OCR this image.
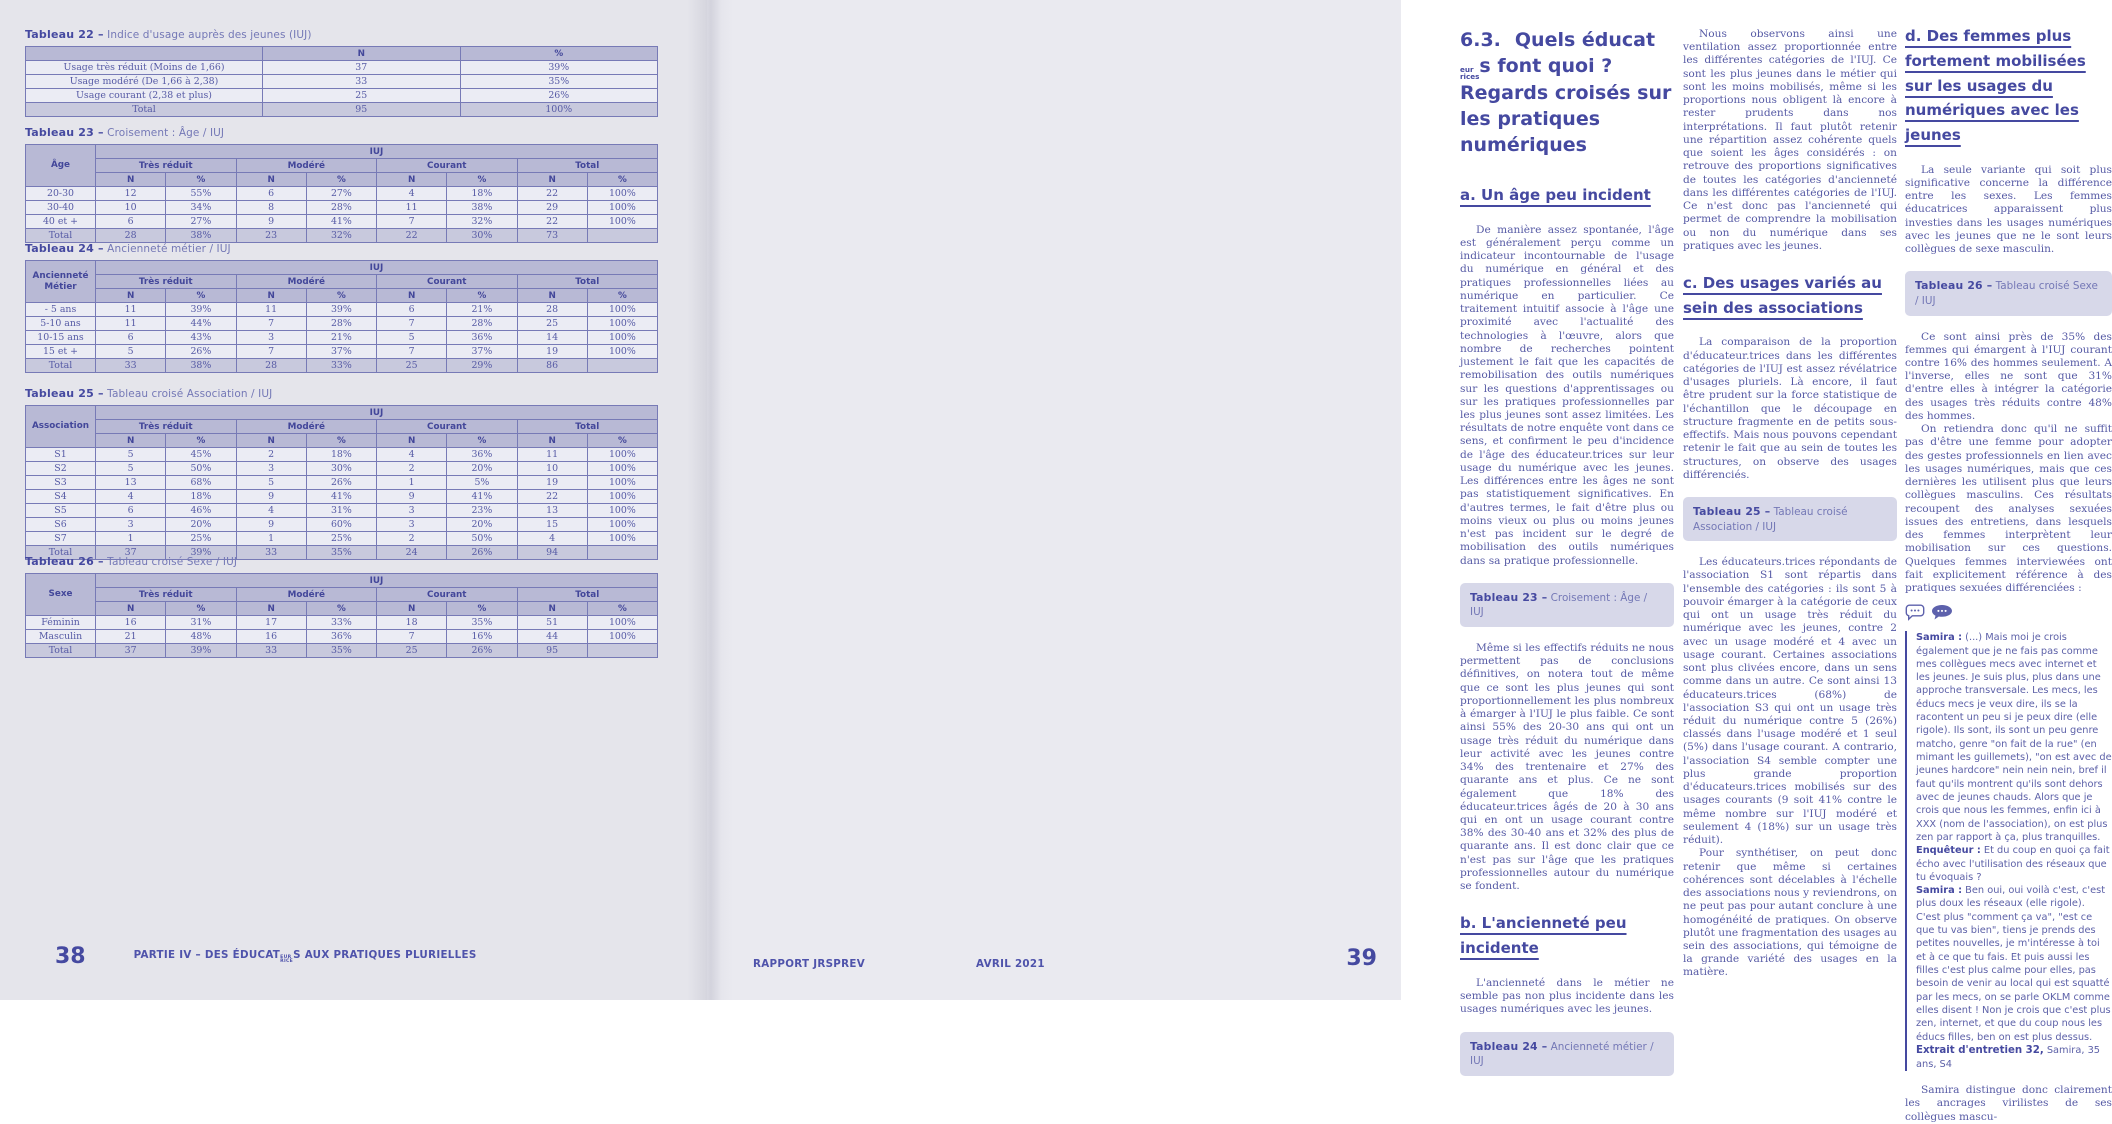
Tableau 22 – Indice d'usage auprès des jeunes (IUJ)
	N	%
Usage très réduit (Moins de 1,66)	37	39%
Usage modéré (De 1,66 à 2,38)	33	35%
Usage courant (2,38 et plus)	25	26%
Total	95	100%
Tableau 23 – Croisement : Âge / IUJ
Âge	IUJ							
	Très réduit		Modéré		Courant		Total	
	N	%	N	%	N	%	N	%
20-30	12	55%	6	27%	4	18%	22	100%
30-40	10	34%	8	28%	11	38%	29	100%
40 et +	6	27%	9	41%	7	32%	22	100%
Total	28	38%	23	32%	22	30%	73	
Tableau 24 – Ancienneté métier / IUJ
Ancienneté Métier	IUJ							
	Très réduit		Modéré		Courant		Total	
	N	%	N	%	N	%	N	%
- 5 ans	11	39%	11	39%	6	21%	28	100%
5-10 ans	11	44%	7	28%	7	28%	25	100%
10-15 ans	6	43%	3	21%	5	36%	14	100%
15 et +	5	26%	7	37%	7	37%	19	100%
Total	33	38%	28	33%	25	29%	86	
Tableau 25 – Tableau croisé Association / IUJ
Association	IUJ							
	Très réduit		Modéré		Courant		Total	
	N	%	N	%	N	%	N	%
S1	5	45%	2	18%	4	36%	11	100%
S2	5	50%	3	30%	2	20%	10	100%
S3	13	68%	5	26%	1	5%	19	100%
S4	4	18%	9	41%	9	41%	22	100%
S5	6	46%	4	31%	3	23%	13	100%
S6	3	20%	9	60%	3	20%	15	100%
S7	1	25%	1	25%	2	50%	4	100%
Total	37	39%	33	35%	24	26%	94	
Tableau 26 – Tableau croisé Sexe / IUJ
Sexe	IUJ							
	Très réduit		Modéré		Courant		Total	
	N	%	N	%	N	%	N	%
Féminin	16	31%	17	33%	18	35%	51	100%
Masculin	21	48%	16	36%	7	16%	44	100%
Total	37	39%	33	35%	25	26%	95	
38	PARTIE IV – DES ÉDUCAT EUR
RICE
S AUX PRATIQUES PLURIELLES
6.3. Quels éducat
eur
rices s font quoi ? Regards croisés sur les pratiques numériques
a. Un âge peu incident

De manière assez spontanée, l'âge est généralement perçu comme un indicateur incontournable de l'usage du numérique en général et des pratiques professionnelles liées au numérique en particulier. Ce traitement intuitif associe à l'âge une proximité avec l'actualité des technologies à l'œuvre, alors que nombre de recherches pointent justement le fait que les capacités de remobilisation des outils numériques sur les questions d'apprentissages ou sur les pratiques professionnelles par les plus jeunes sont assez limitées. Les résultats de notre enquête vont dans ce sens, et confirment le peu d'incidence de l'âge des éducateur.trices sur leur usage du numérique avec les jeunes. Les différences entre les âges ne sont pas statistiquement significatives. En d'autres termes, le fait d'être plus ou moins vieux ou plus ou moins jeunes n'est pas incident sur le degré de mobilisation des outils numériques dans sa pratique professionnelle.

Tableau 23 – Croisement : Âge / IUJ

Même si les effectifs réduits ne nous permettent pas de conclusions définitives, on notera tout de même que ce sont les plus jeunes qui sont proportionnellement les plus nombreux à émarger à l'IUJ le plus faible. Ce sont ainsi 55% des 20-30 ans qui ont un usage très réduit du numérique dans leur activité avec les jeunes contre 34% des trentenaire et 27% des quarante ans et plus. Ce ne sont également que 18% des éducateur.trices âgés de 20 à 30 ans qui en ont un usage courant contre 38% des 30-40 ans et 32% des plus de quarante ans. Il est donc clair que ce n'est pas sur l'âge que les pratiques professionnelles autour du numérique se fondent.

b. L'ancienneté peu incidente

L'ancienneté dans le métier ne semble pas non plus incidente dans les usages numériques avec les jeunes.

Tableau 24 – Ancienneté métier / IUJ

Nous observons ainsi une ventilation assez proportionnée entre les différentes catégories de l'IUJ. Ce sont les plus jeunes dans le métier qui sont les moins mobilisés, même si les proportions nous obligent là encore à rester prudents dans nos interprétations. Il faut plutôt retenir une répartition assez cohérente quels que soient les âges considérés : on retrouve des proportions significatives de toutes les catégories d'ancienneté dans les différentes catégories de l'IUJ. Ce n'est donc pas l'ancienneté qui permet de comprendre la mobilisation ou non du numérique dans ses pratiques avec les jeunes.

c. Des usages variés au sein des associations

La comparaison de la proportion d'éducateur.trices dans les différentes catégories de l'IUJ est assez révélatrice d'usages pluriels. Là encore, il faut être prudent sur la force statistique de l'échantillon que le découpage en structure fragmente en de petits sous-effectifs. Mais nous pouvons cependant retenir le fait que au sein de toutes les structures, on observe des usages différenciés.

Tableau 25 – Tableau croisé Association / IUJ

Les éducateurs.trices répondants de l'association S1 sont répartis dans l'ensemble des catégories : ils sont 5 à pouvoir émarger à la catégorie de ceux qui ont un usage très réduit du numérique avec les jeunes, contre 2 avec un usage modéré et 4 avec un usage courant. Certaines associations sont plus clivées encore, dans un sens comme dans un autre. Ce sont ainsi 13 éducateurs.trices (68%) de l'association S3 qui ont un usage très réduit du numérique contre 5 (26%) classés dans l'usage modéré et 1 seul (5%) dans l'usage courant. A contrario, l'association S4 semble compter une plus grande proportion d'éducateurs.trices mobilisés sur des usages courants (9 soit 41% contre le même nombre sur l'IUJ modéré et seulement 4 (18%) sur un usage très réduit).

Pour synthétiser, on peut donc retenir que même si certaines cohérences sont décelables à l'échelle des associations nous y reviendrons, on ne peut pas pour autant conclure à une homogénéité de pratiques. On observe plutôt une fragmentation des usages au sein des associations, qui témoigne de la grande variété des usages en la matière.

d. Des femmes plus fortement mobilisées sur les usages du numériques avec les jeunes

La seule variante qui soit plus significative concerne la différence entre les sexes. Les femmes éducatrices apparaissent plus investies dans les usages numériques avec les jeunes que ne le sont leurs collègues de sexe masculin.

Tableau 26 – Tableau croisé Sexe / IUJ

Ce sont ainsi près de 35% des femmes qui émargent à l'IUJ courant contre 16% des hommes seulement. A l'inverse, elles ne sont que 31% d'entre elles à intégrer la catégorie des usages très réduits contre 48% des hommes.

On retiendra donc qu'il ne suffit pas d'être une femme pour adopter des gestes professionnels en lien avec les usages numériques, mais que ces dernières les utilisent plus que leurs collègues masculins. Ces résultats recoupent des analyses sexuées issues des entretiens, dans lesquels des femmes interprètent leur mobilisation sur ces questions. Quelques femmes interviewées ont fait explicitement référence à des pratiques sexuées différenciées :

Samira : (...) Mais moi je crois également que je ne fais pas comme mes collègues mecs avec internet et les jeunes. Je suis plus, plus dans une approche transversale. Les mecs, les éducs mecs je veux dire, ils se la racontent un peu si je peux dire (elle rigole). Ils sont, ils sont un peu genre matcho, genre "on fait de la rue" (en mimant les guillemets), "on est avec de jeunes hardcore" nein nein nein, bref il faut qu'ils montrent qu'ils sont dehors avec de jeunes chauds. Alors que je crois que nous les femmes, enfin ici à XXX (nom de l'association), on est plus zen par rapport à ça, plus tranquilles.

Enquêteur : Et du coup en quoi ça fait écho avec l'utilisation des réseaux que tu évoquais ?

Samira : Ben oui, oui voilà c'est, c'est plus doux les réseaux (elle rigole). C'est plus "comment ça va", "est ce que tu vas bien", tiens je prends des petites nouvelles, je m'intéresse à toi et à ce que tu fais. Et puis aussi les filles c'est plus calme pour elles, pas besoin de venir au local qui est squatté par les mecs, on se parle OKLM comme elles disent ! Non je crois que c'est plus zen, internet, et que du coup nous les éducs filles, ben on est plus dessus.

Extrait d'entretien 32, Samira, 35 ans, S4

Samira distingue donc clairement les ancrages virilistes de ses collègues mascu-

RAPPORT JRSPREV	AVRIL 2021	39
